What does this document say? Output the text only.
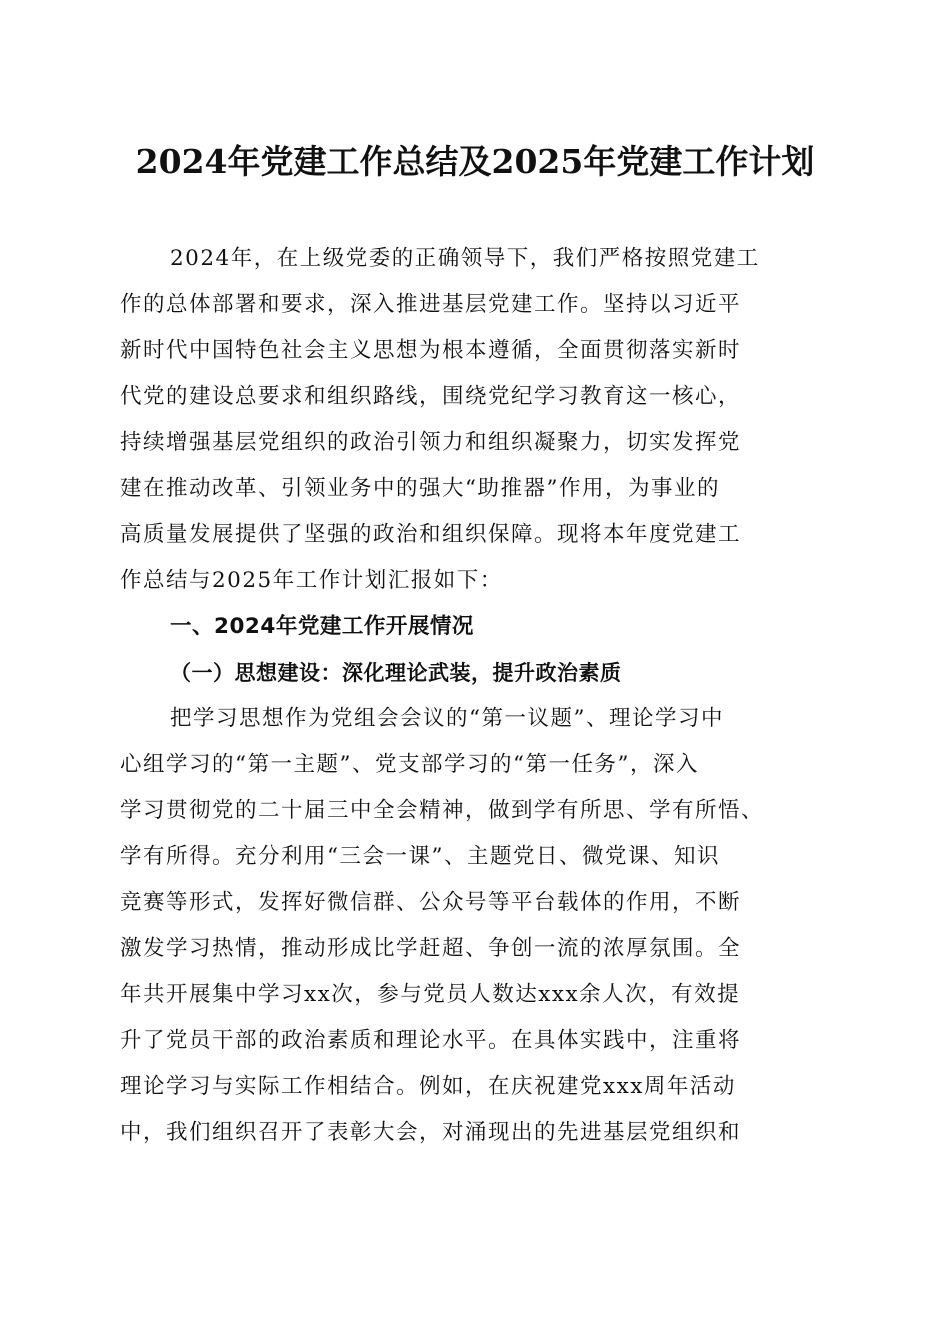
2024年党建工作总结及2025年党建工作计划

2024年，在上级党委的正确领导下，我们严格按照党建工

作的总体部署和要求，深入推进基层党建工作。坚持以习近平

新时代中国特色社会主义思想为根本遵循，全面贯彻落实新时

代党的建设总要求和组织路线，围绕党纪学习教育这一核心，

持续增强基层党组织的政治引领力和组织凝聚力，切实发挥党

建在推动改革、引领业务中的强大“助推器”作用，为事业的

高质量发展提供了坚强的政治和组织保障。现将本年度党建工

作总结与2025年工作计划汇报如下：

一、2024年党建工作开展情况
（一）思想建设：深化理论武装，提升政治素质

把学习思想作为党组会会议的“第一议题”、理论学习中

心组学习的“第一主题”、党支部学习的“第一任务”，深入

学习贯彻党的二十届三中全会精神，做到学有所思、学有所悟、

学有所得。充分利用“三会一课”、主题党日、微党课、知识

竞赛等形式，发挥好微信群、公众号等平台载体的作用，不断

激发学习热情，推动形成比学赶超、争创一流的浓厚氛围。全

年共开展集中学习xx次，参与党员人数达xxx余人次，有效提

升了党员干部的政治素质和理论水平。在具体实践中，注重将

理论学习与实际工作相结合。例如，在庆祝建党xxx周年活动

中，我们组织召开了表彰大会，对涌现出的先进基层党组织和
